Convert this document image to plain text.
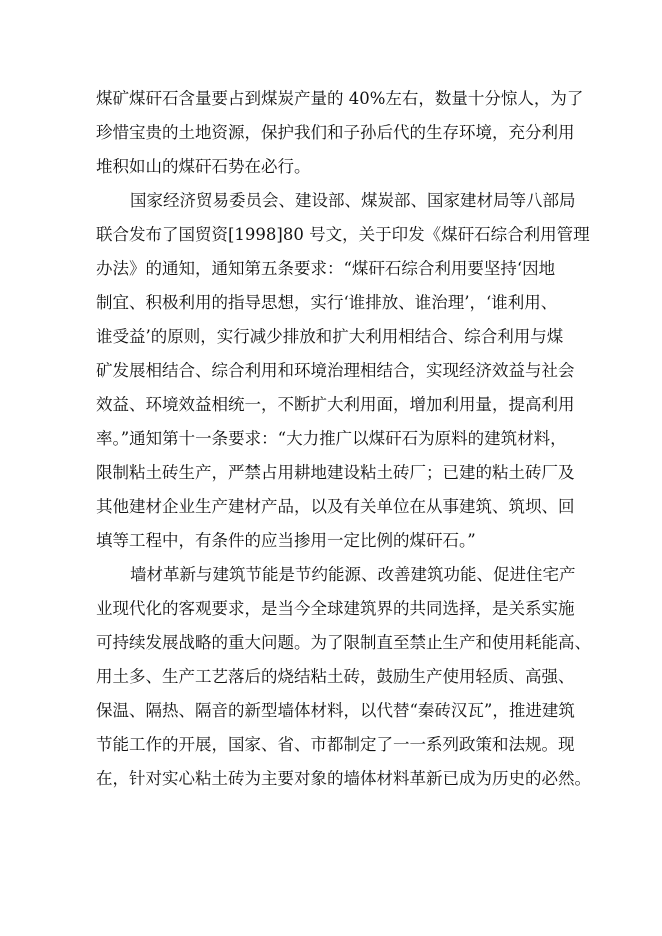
煤矿煤矸石含量要占到煤炭产量的 40%左右，数量十分惊人，为了
珍惜宝贵的土地资源，保护我们和子孙后代的生存环境，充分利用
堆积如山的煤矸石势在必行。
国家经济贸易委员会、建设部、煤炭部、国家建材局等八部局
联合发布了国贸资[1998]80 号文，关于印发《煤矸石综合利用管理
办法》的通知，通知第五条要求：“煤矸石综合利用要坚持‘因地
制宜、积极利用的指导思想，实行‘谁排放、谁治理’，‘谁利用、
谁受益’的原则，实行减少排放和扩大利用相结合、综合利用与煤
矿发展相结合、综合利用和环境治理相结合，实现经济效益与社会
效益、环境效益相统一，不断扩大利用面，增加利用量，提高利用
率。”通知第十一条要求：“大力推广以煤矸石为原料的建筑材料，
限制粘土砖生产，严禁占用耕地建设粘土砖厂；已建的粘土砖厂及
其他建材企业生产建材产品，以及有关单位在从事建筑、筑坝、回
填等工程中，有条件的应当掺用一定比例的煤矸石。”
墙材革新与建筑节能是节约能源、改善建筑功能、促进住宅产
业现代化的客观要求，是当今全球建筑界的共同选择，是关系实施
可持续发展战略的重大问题。为了限制直至禁止生产和使用耗能高、
用土多、生产工艺落后的烧结粘土砖，鼓励生产使用轻质、高强、
保温、隔热、隔音的新型墙体材料，以代替“秦砖汉瓦”，推进建筑
节能工作的开展，国家、省、市都制定了一一系列政策和法规。现
在，针对实心粘土砖为主要对象的墙体材料革新已成为历史的必然。
